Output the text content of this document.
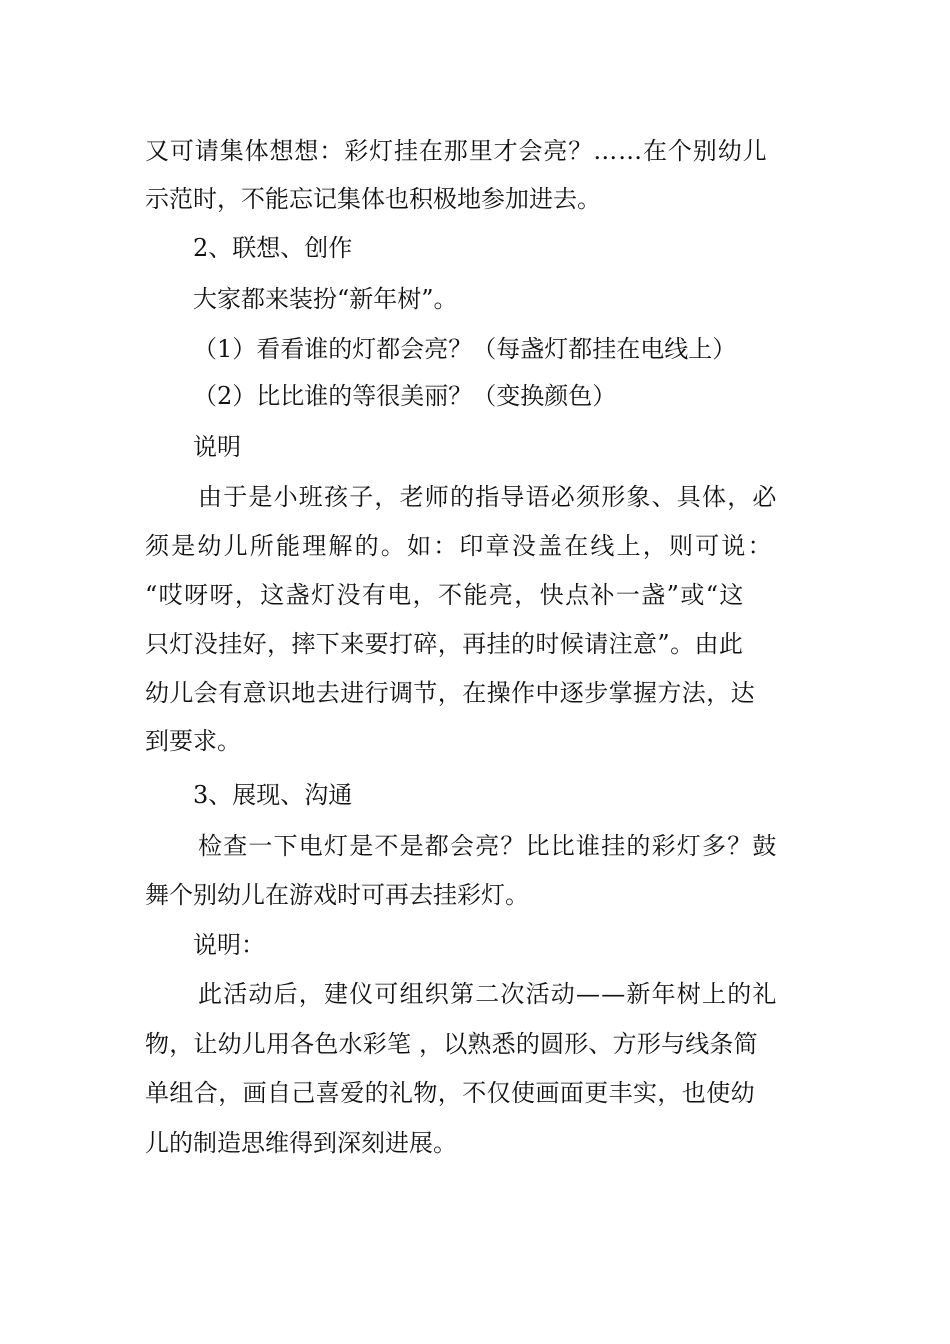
又可请集体想想：彩灯挂在那里才会亮？……在个别幼儿
示范时，不能忘记集体也积极地参加进去。
2、联想、创作
大家都来装扮“新年树”。
（1）看看谁的灯都会亮？（每盏灯都挂在电线上）
（2）比比谁的等很美丽？（变换颜色）
说明
由于是小班孩子，老师的指导语必须形象、具体，必
须是幼儿所能理解的。如：印章没盖在线上，则可说：
“哎呀呀，这盏灯没有电，不能亮，快点补一盏”或“这
只灯没挂好，摔下来要打碎，再挂的时候请注意”。由此
幼儿会有意识地去进行调节，在操作中逐步掌握方法，达
到要求。
3、展现、沟通
检查一下电灯是不是都会亮？比比谁挂的彩灯多？鼓
舞个别幼儿在游戏时可再去挂彩灯。
说明：
此活动后，建仪可组织第二次活动——新年树上的礼
物，让幼儿用各色水彩笔 ，以熟悉的圆形、方形与线条简
单组合，画自己喜爱的礼物，不仅使画面更丰实，也使幼
儿的制造思维得到深刻进展。
